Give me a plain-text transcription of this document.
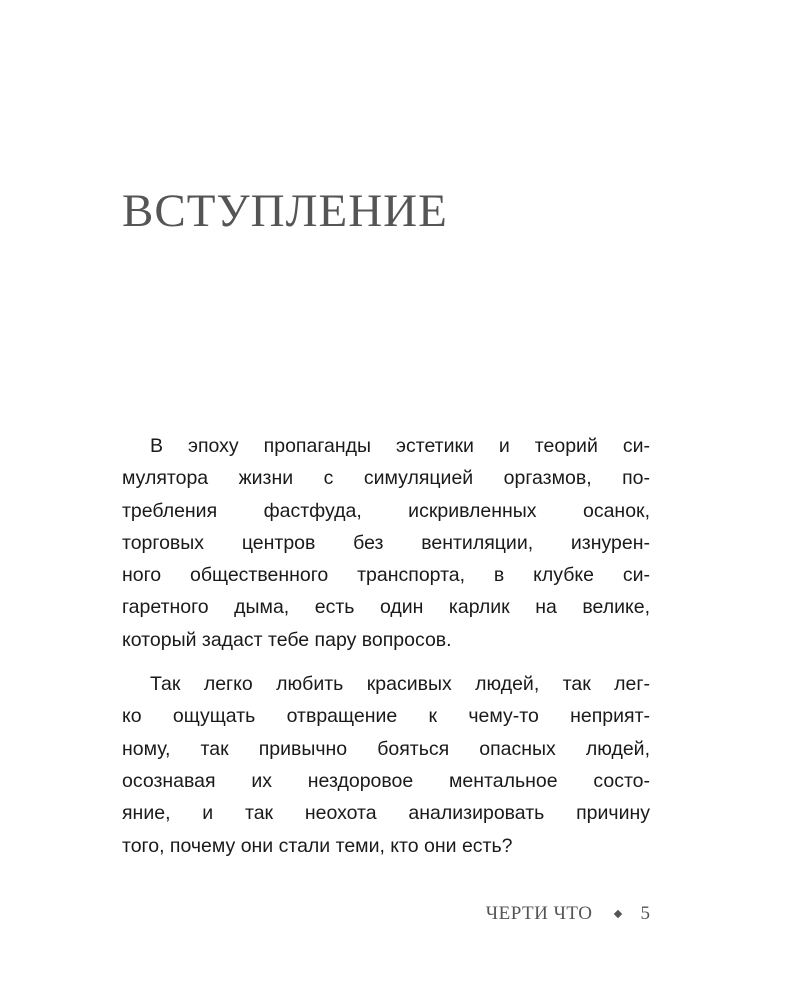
ВСТУПЛЕНИЕ

В эпоху пропаганды эстетики и теорий си-
мулятора жизни с симуляцией оргазмов, по-
требления фастфуда, искривленных осанок,
торговых центров без вентиляции, изнурен-
ного общественного транспорта, в клубке си-
гаретного дыма, есть один карлик на велике,
который задаст тебе пару вопросов.

Так легко любить красивых людей, так лег-
ко ощущать отвращение к чему-то неприят-
ному, так привычно бояться опасных людей,
осознавая их нездоровое ментальное состо-
яние, и так неохота анализировать причину
того, почему они стали теми, кто они есть?

ЧЕРТИ ЧТО	5
